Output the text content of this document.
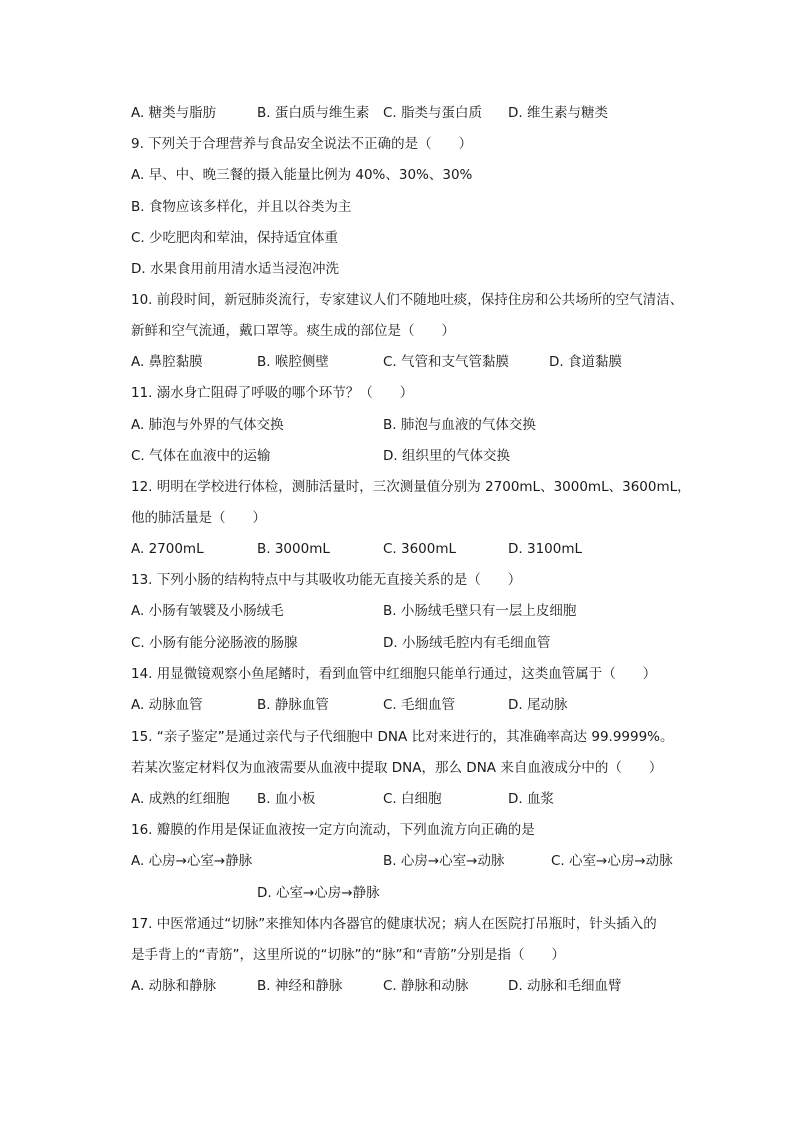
A. 糖类与脂肪	B. 蛋白质与维生素 C. 脂类与蛋白质 D. 维生素与糖类
9. 下列关于合理营养与食品安全说法不正确的是（　　）
A. 早、中、晚三餐的摄入能量比例为 40%、30%、30%
B. 食物应该多样化，并且以谷类为主
C. 少吃肥肉和荤油，保持适宜体重
D. 水果食用前用清水适当浸泡冲洗
10. 前段时间，新冠肺炎流行，专家建议人们不随地吐痰，保持住房和公共场所的空气清洁、
新鲜和空气流通，戴口罩等。痰生成的部位是（　　）
A. 鼻腔黏膜	B. 喉腔侧壁	C. 气管和支气管黏膜	D. 食道黏膜
11. 溺水身亡阻碍了呼吸的哪个环节？（　　）
A. 肺泡与外界的气体交换	B. 肺泡与血液的气体交换
C. 气体在血液中的运输	D. 组织里的气体交换
12. 明明在学校进行体检，测肺活量时，三次测量值分别为 2700mL、3000mL、3600mL，
他的肺活量是（　　）
A. 2700mL	B. 3000mL	C. 3600mL	D. 3100mL
13. 下列小肠的结构特点中与其吸收功能无直接关系的是（　　）
A. 小肠有皱襞及小肠绒毛	B. 小肠绒毛壁只有一层上皮细胞
C. 小肠有能分泌肠液的肠腺	D. 小肠绒毛腔内有毛细血管
14. 用显微镜观察小鱼尾鳍时，看到血管中红细胞只能单行通过，这类血管属于（　　）
A. 动脉血管	B. 静脉血管	C. 毛细血管	D. 尾动脉
15. “亲子鉴定”是通过亲代与子代细胞中 DNA 比对来进行的，其准确率高达 99.9999%。
若某次鉴定材料仅为血液需要从血液中提取 DNA，那么 DNA 来自血液成分中的（　　）
A. 成熟的红细胞 B. 血小板	C. 白细胞	D. 血浆
16. 瓣膜的作用是保证血液按一定方向流动，下列血流方向正确的是
A. 心房→心室→静脉	B. 心房→心室→动脉	C. 心室→心房→动脉
D. 心室→心房→静脉
17. 中医常通过“切脉”来推知体内各器官的健康状况；病人在医院打吊瓶时，针头插入的
是手背上的“青筋”，这里所说的“切脉”的“脉”和“青筋”分别是指（　　）
A. 动脉和静脉	B. 神经和静脉	C. 静脉和动脉	D. 动脉和毛细血臂
